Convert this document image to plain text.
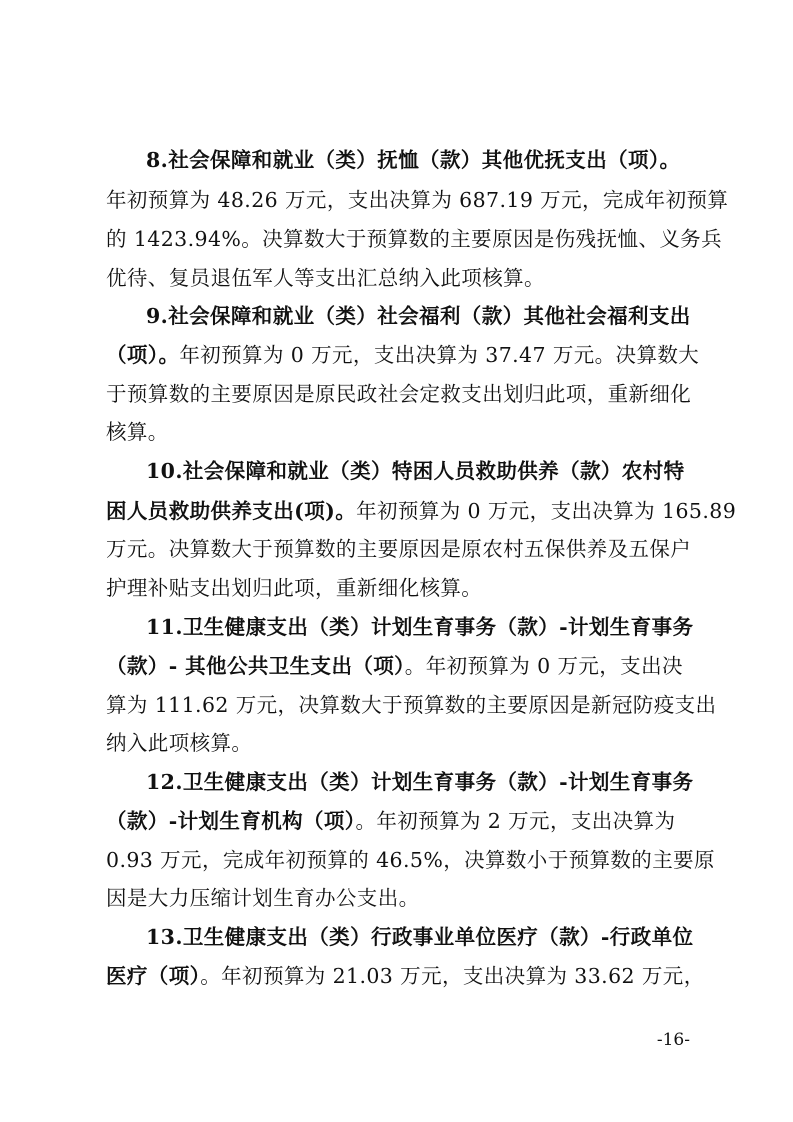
8.社会保障和就业（类）抚恤（款）其他优抚支出（项）。
年初预算为 48.26 万元，支出决算为 687.19 万元，完成年初预算
的 1423.94%。决算数大于预算数的主要原因是伤残抚恤、义务兵
优待、复员退伍军人等支出汇总纳入此项核算。
9.社会保障和就业（类）社会福利（款）其他社会福利支出
（项）。年初预算为 0 万元，支出决算为 37.47 万元。决算数大
于预算数的主要原因是原民政社会定救支出划归此项，重新细化
核算。
10.社会保障和就业（类）特困人员救助供养（款）农村特
困人员救助供养支出(项)。年初预算为 0 万元，支出决算为 165.89
万元。决算数大于预算数的主要原因是原农村五保供养及五保户
护理补贴支出划归此项，重新细化核算。
11.卫生健康支出（类）计划生育事务（款）-计划生育事务
（款）- 其他公共卫生支出（项）。年初预算为 0 万元，支出决
算为 111.62 万元，决算数大于预算数的主要原因是新冠防疫支出
纳入此项核算。
12.卫生健康支出（类）计划生育事务（款）-计划生育事务
（款）-计划生育机构（项）。年初预算为 2 万元，支出决算为
0.93 万元，完成年初预算的 46.5%，决算数小于预算数的主要原
因是大力压缩计划生育办公支出。
13.卫生健康支出（类）行政事业单位医疗（款）-行政单位
医疗（项）。年初预算为 21.03 万元，支出决算为 33.62 万元，
-16-
